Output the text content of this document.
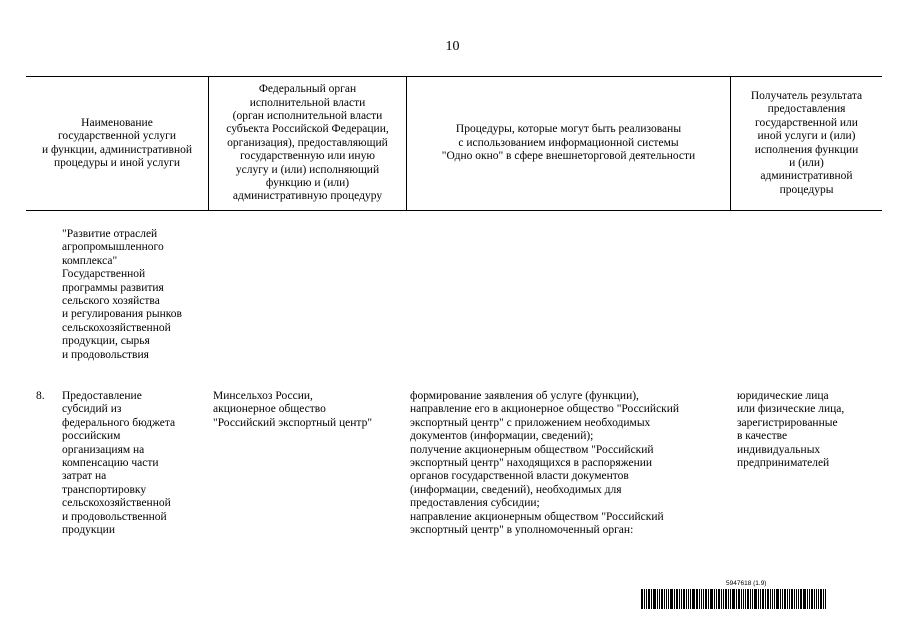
10
Наименование
государственной услуги
и функции, административной
процедуры и иной услуги
Федеральный орган
исполнительной власти
(орган исполнительной власти
субъекта Российской Федерации,
организация), предоставляющий
государственную или иную
услугу и (или) исполняющий
функцию и (или)
административную процедуру
Процедуры, которые могут быть реализованы
с использованием информационной системы
"Одно окно" в сфере внешнеторговой деятельности
Получатель результата
предоставления
государственной или
иной услуги и (или)
исполнения функции
и (или)
административной
процедуры
"Развитие отраслей
агропромышленного
комплекса"
Государственной
программы развития
сельского хозяйства
и регулирования рынков
сельскохозяйственной
продукции, сырья
и продовольствия
8.	Предоставление
субсидий из
федерального бюджета
российским
организациям на
компенсацию части
затрат на
транспортировку
сельскохозяйственной
и продовольственной
продукции
Минсельхоз России,
акционерное общество
"Российский экспортный центр"
формирование заявления об услуге (функции),
направление его в акционерное общество "Российский
экспортный центр" с приложением необходимых
документов (информации, сведений);
получение акционерным обществом "Российский
экспортный центр" находящихся в распоряжении
органов государственной власти документов
(информации, сведений), необходимых для
предоставления субсидии;
направление акционерным обществом "Российский
экспортный центр" в уполномоченный орган:
юридические лица
или физические лица,
зарегистрированные
в качестве
индивидуальных
предпринимателей
5947618 (1.9)
